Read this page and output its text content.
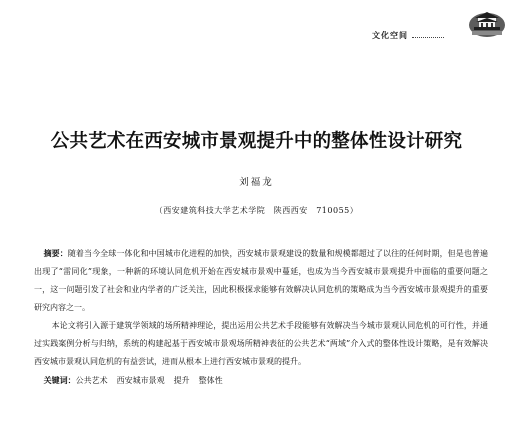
文化空间
公共艺术在西安城市景观提升中的整体性设计研究
刘福龙
（西安建筑科技大学艺术学院　陕西西安　710055）

摘要：随着当今全球一体化和中国城市化进程的加快，西安城市景观建设的数量和规模都超过了以往的任何时期，但是也普遍出现了“雷同化”现象，一种新的环境认同危机开始在西安城市景观中蔓延，也成为当今西安城市景观提升中面临的重要问题之一，这一问题引发了社会和业内学者的广泛关注，因此积极探求能够有效解决认同危机的策略成为当今西安城市景观提升的重要研究内容之一。

本论文将引入源于建筑学领域的场所精神理论，提出运用公共艺术手段能够有效解决当今城市景观认同危机的可行性，并通过实践案例分析与归纳，系统的构建起基于西安城市景观场所精神表征的公共艺术“两域”介入式的整体性设计策略，是有效解决西安城市景观认同危机的有益尝试，进而从根本上进行西安城市景观的提升。

关键词：公共艺术 西安城市景观 提升 整体性
